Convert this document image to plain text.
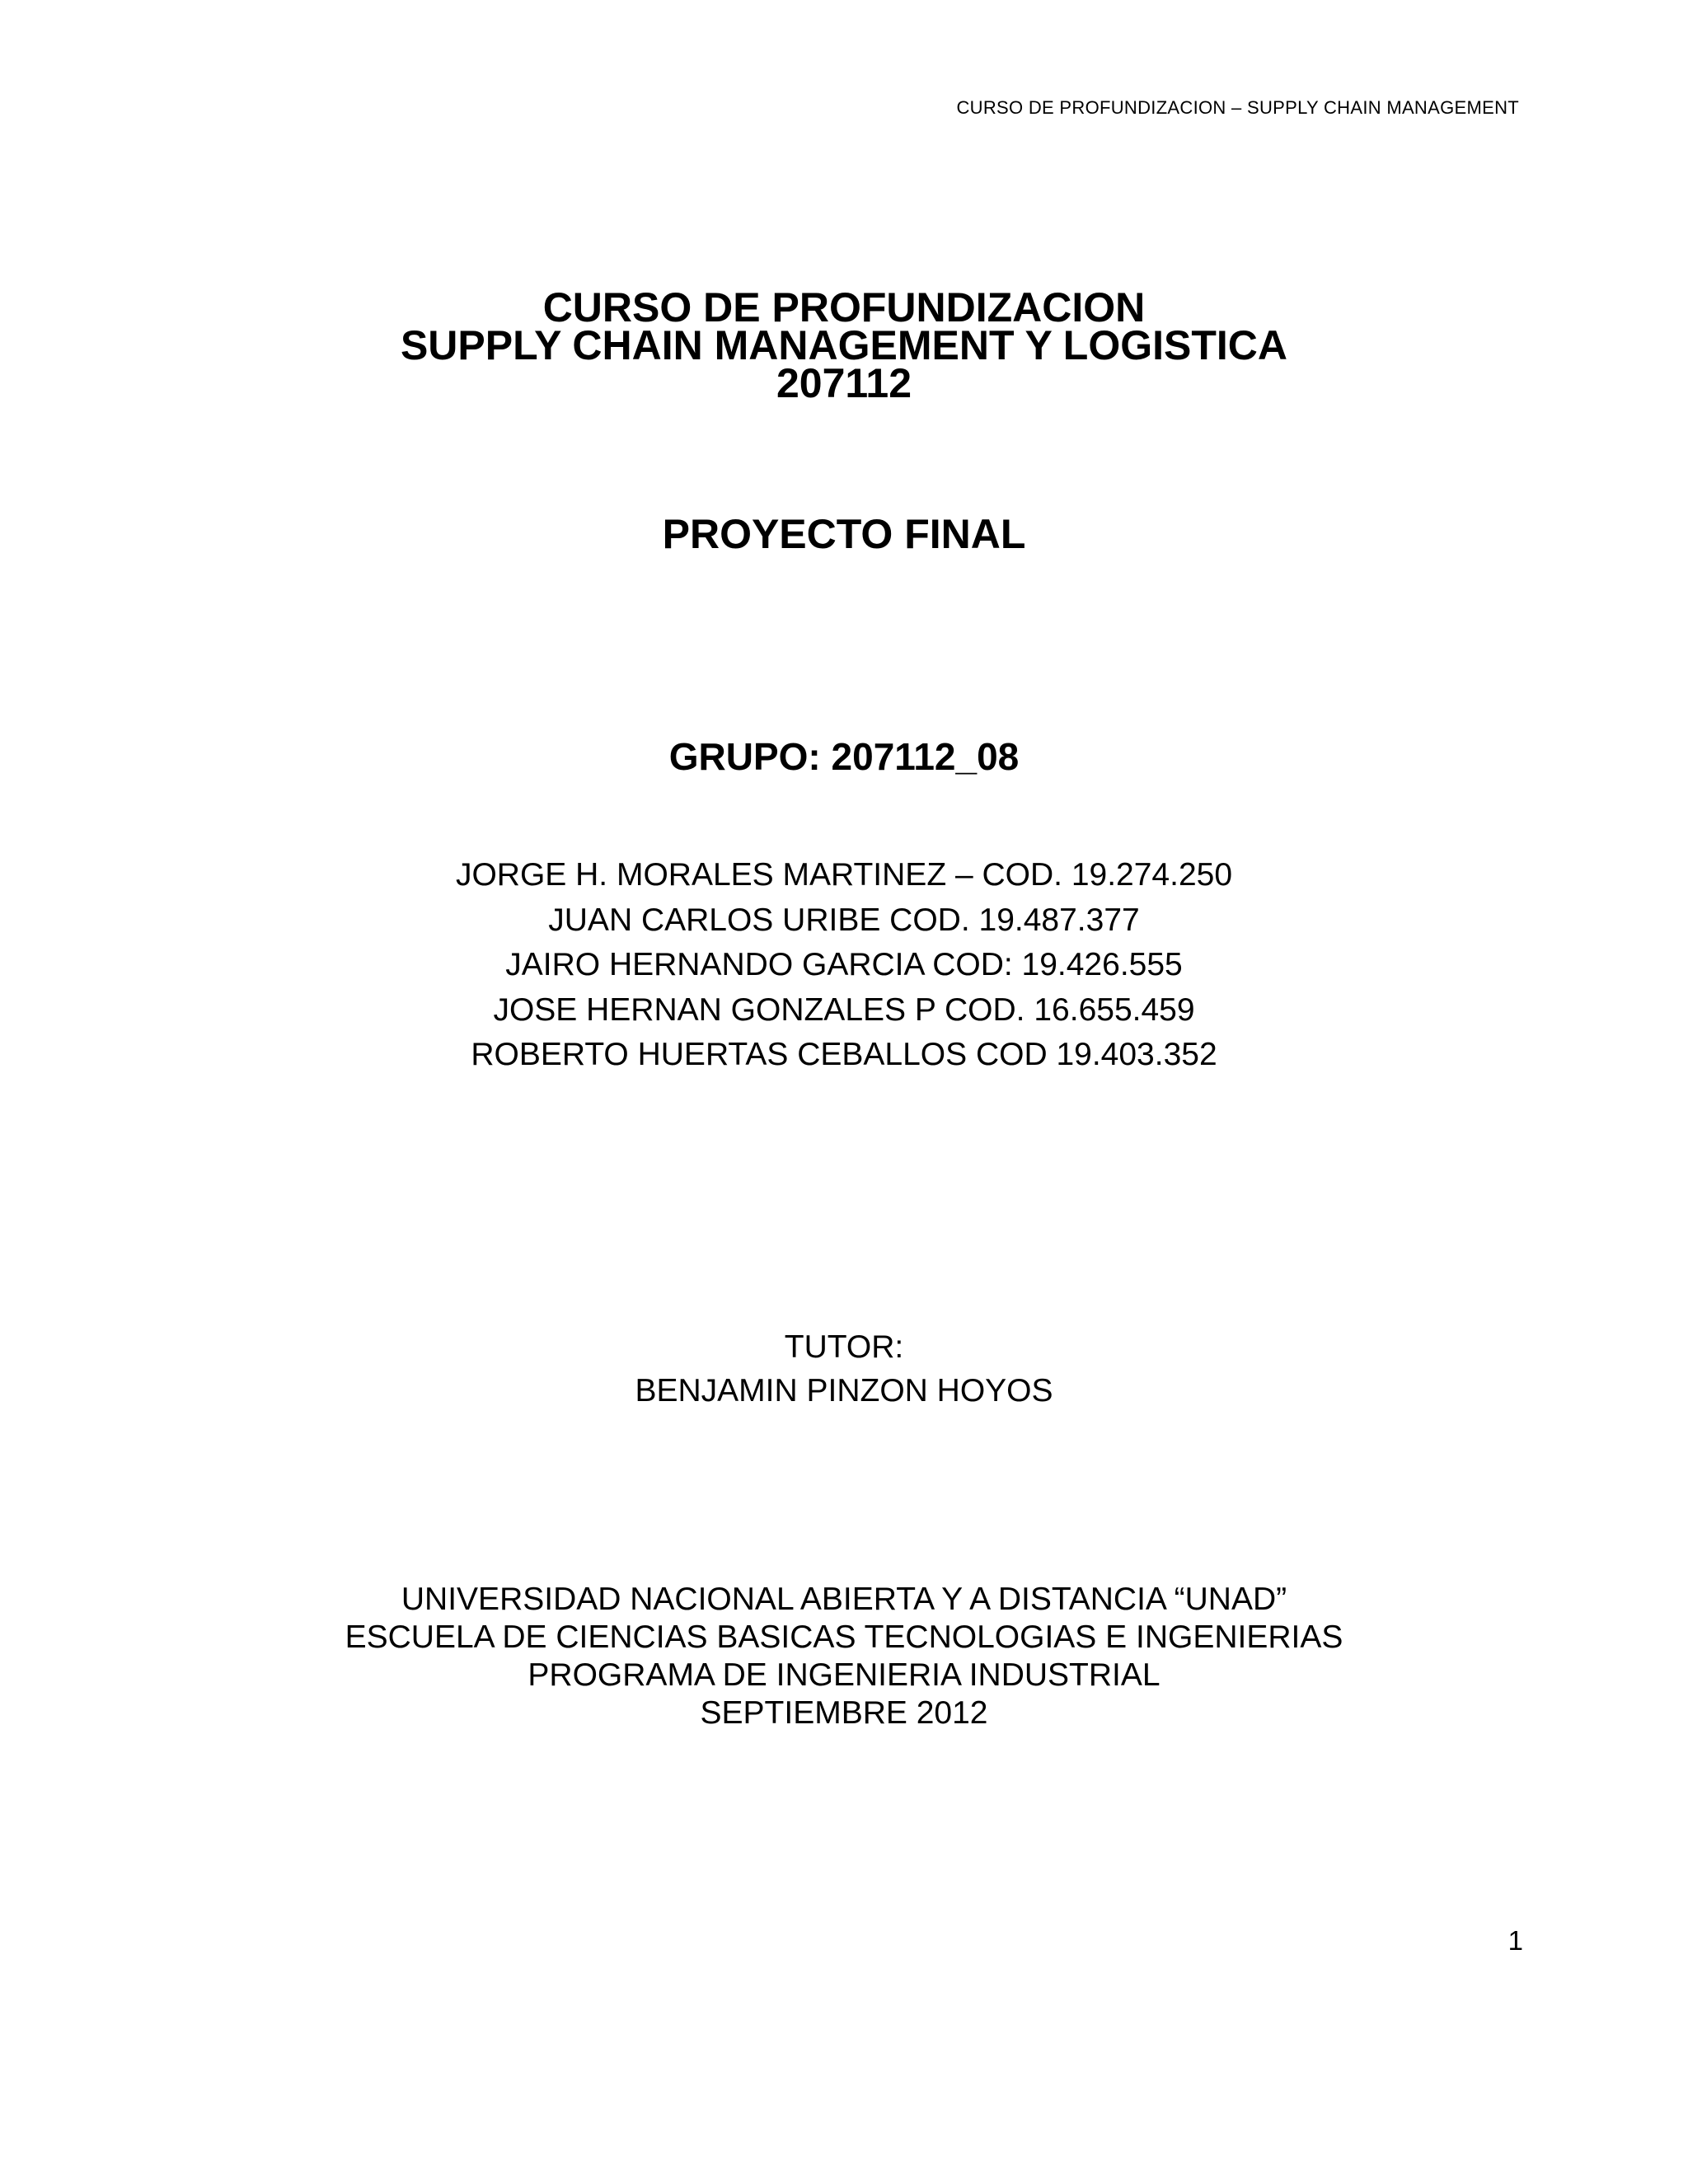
CURSO DE PROFUNDIZACION – SUPPLY CHAIN MANAGEMENT
CURSO DE PROFUNDIZACION
SUPPLY CHAIN MANAGEMENT Y LOGISTICA
207112
PROYECTO FINAL
GRUPO: 207112_08
JORGE H. MORALES MARTINEZ – COD. 19.274.250
JUAN CARLOS URIBE COD. 19.487.377
JAIRO HERNANDO GARCIA COD: 19.426.555
JOSE HERNAN GONZALES P COD. 16.655.459
ROBERTO HUERTAS CEBALLOS COD 19.403.352
TUTOR:
BENJAMIN PINZON HOYOS
UNIVERSIDAD NACIONAL ABIERTA Y A DISTANCIA “UNAD”
ESCUELA DE CIENCIAS BASICAS TECNOLOGIAS E INGENIERIAS
PROGRAMA DE INGENIERIA INDUSTRIAL
SEPTIEMBRE 2012
1
